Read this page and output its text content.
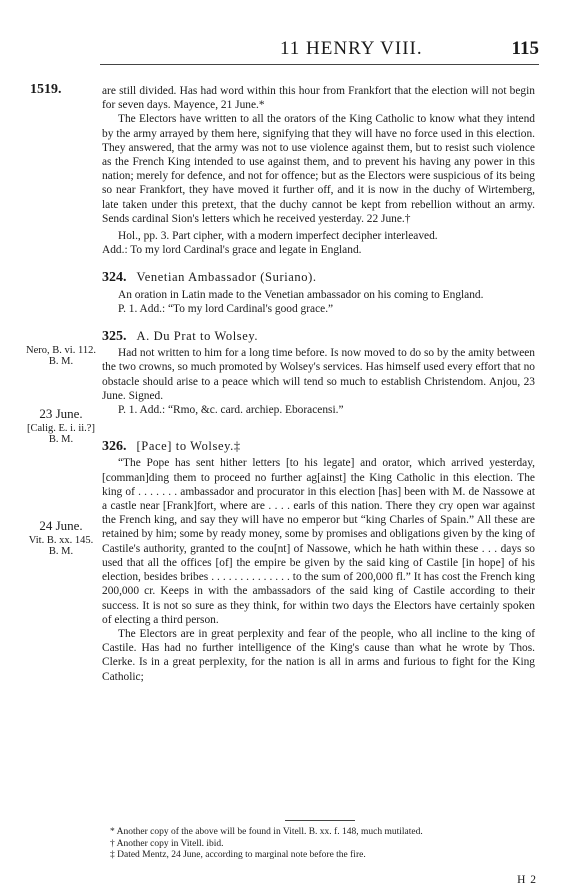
11 HENRY VIII.	115
1519.
Nero, B. vi. 112.
B. M.
23 June.
[Calig. E. i. ii.?]
B. M.
24 June.
Vit. B. xx. 145.
B. M.

are still divided. Has had word within this hour from Frankfort that the election will not begin for seven days. Mayence, 21 June.*

The Electors have written to all the orators of the King Catholic to know what they intend by the army arrayed by them here, signifying that they will have no force used in this election. They answered, that the army was not to use violence against them, but to resist such violence as the French King intended to use against them, and to prevent his having any power in this nation; merely for defence, and not for offence; but as the Electors were suspicious of its being so near Frankfort, they have moved it further off, and it is now in the duchy of Wirtemberg, late taken under this pretext, that the duchy cannot be kept from rebellion without an army. Sends cardinal Sion's letters which he received yesterday. 22 June.†

Hol., pp. 3. Part cipher, with a modern imperfect decipher interleaved.

Add.: To my lord Cardinal's grace and legate in England.

324. Venetian Ambassador (Suriano).

An oration in Latin made to the Venetian ambassador on his coming to England.

P. 1. Add.: “To my lord Cardinal's good grace.”

325. A. Du Prat to Wolsey.

Had not written to him for a long time before. Is now moved to do so by the amity between the two crowns, so much promoted by Wolsey's services. Has himself used every effort that no obstacle should arise to a peace which will tend so much to establish Christendom. Anjou, 23 June. Signed.

P. 1. Add.: “Rmo, &c. card. archiep. Eboracensi.”

326. [Pace] to Wolsey.‡

“The Pope has sent hither letters [to his legate] and orator, which arrived yesterday, [comman]ding them to proceed no further ag[ainst] the King Catholic in this election. The king of . . . . . . . ambassador and procurator in this election [has] been with M. de Nassowe at a castle near [Frank]fort, where are . . . . earls of this nation. There they cry open war against the French king, and say they will have no emperor but “king Charles of Spain.” All these are retained by him; some by ready money, some by promises and obligations given by the king of Castile's authority, granted to the cou[nt] of Nassowe, which he hath within these . . . days so used that all the offices [of] the empire be given by the said king of Castile [in hope] of his election, besides bribes . . . . . . . . . . . . . . to the sum of 200,000 fl.” It has cost the French king 200,000 cr. Keeps in with the ambassadors of the said king of Castile according to their success. It is not so sure as they think, for within two days the Electors have certainly spoken of electing a third person.

The Electors are in great perplexity and fear of the people, who all incline to the king of Castile. Has had no further intelligence of the King's cause than what he wrote by Thos. Clerke. Is in a great perplexity, for the nation is all in arms and furious to fight for the King Catholic;

* Another copy of the above will be found in Vitell. B. xx. f. 148, much mutilated.
† Another copy in Vitell. ibid.
‡ Dated Mentz, 24 June, according to marginal note before the fire.
H 2
